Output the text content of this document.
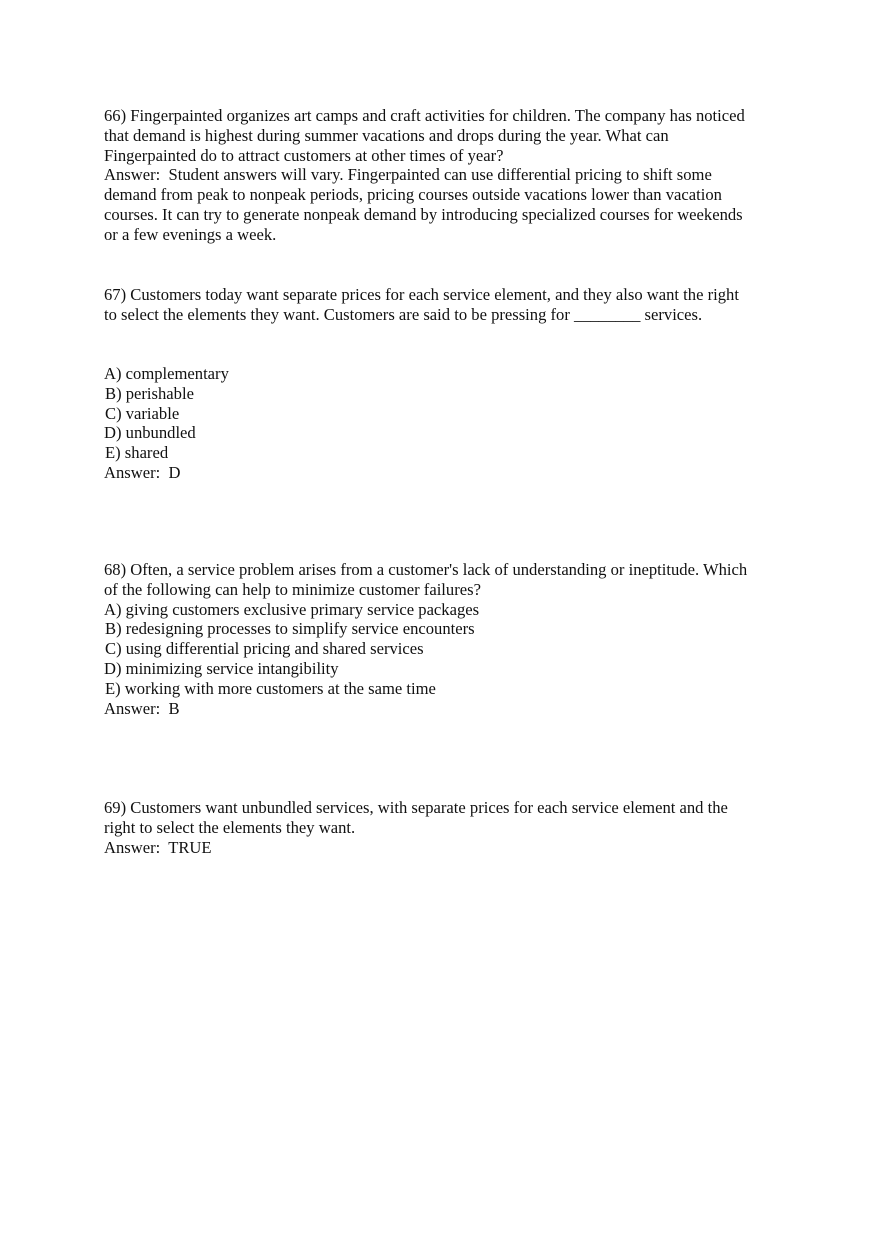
66) Fingerpainted organizes art camps and craft activities for children. The company has noticed
that demand is highest during summer vacations and drops during the year. What can
Fingerpainted do to attract customers at other times of year?
Answer:  Student answers will vary. Fingerpainted can use differential pricing to shift some
demand from peak to nonpeak periods, pricing courses outside vacations lower than vacation
courses. It can try to generate nonpeak demand by introducing specialized courses for weekends
or a few evenings a week.
67) Customers today want separate prices for each service element, and they also want the right
to select the elements they want. Customers are said to be pressing for ________ services.
A) complementary
B) perishable
C) variable
D) unbundled
E) shared
Answer:  D
68) Often, a service problem arises from a customer's lack of understanding or ineptitude. Which
of the following can help to minimize customer failures?
A) giving customers exclusive primary service packages
B) redesigning processes to simplify service encounters
C) using differential pricing and shared services
D) minimizing service intangibility
E) working with more customers at the same time
Answer:  B
69) Customers want unbundled services, with separate prices for each service element and the
right to select the elements they want.
Answer:  TRUE
